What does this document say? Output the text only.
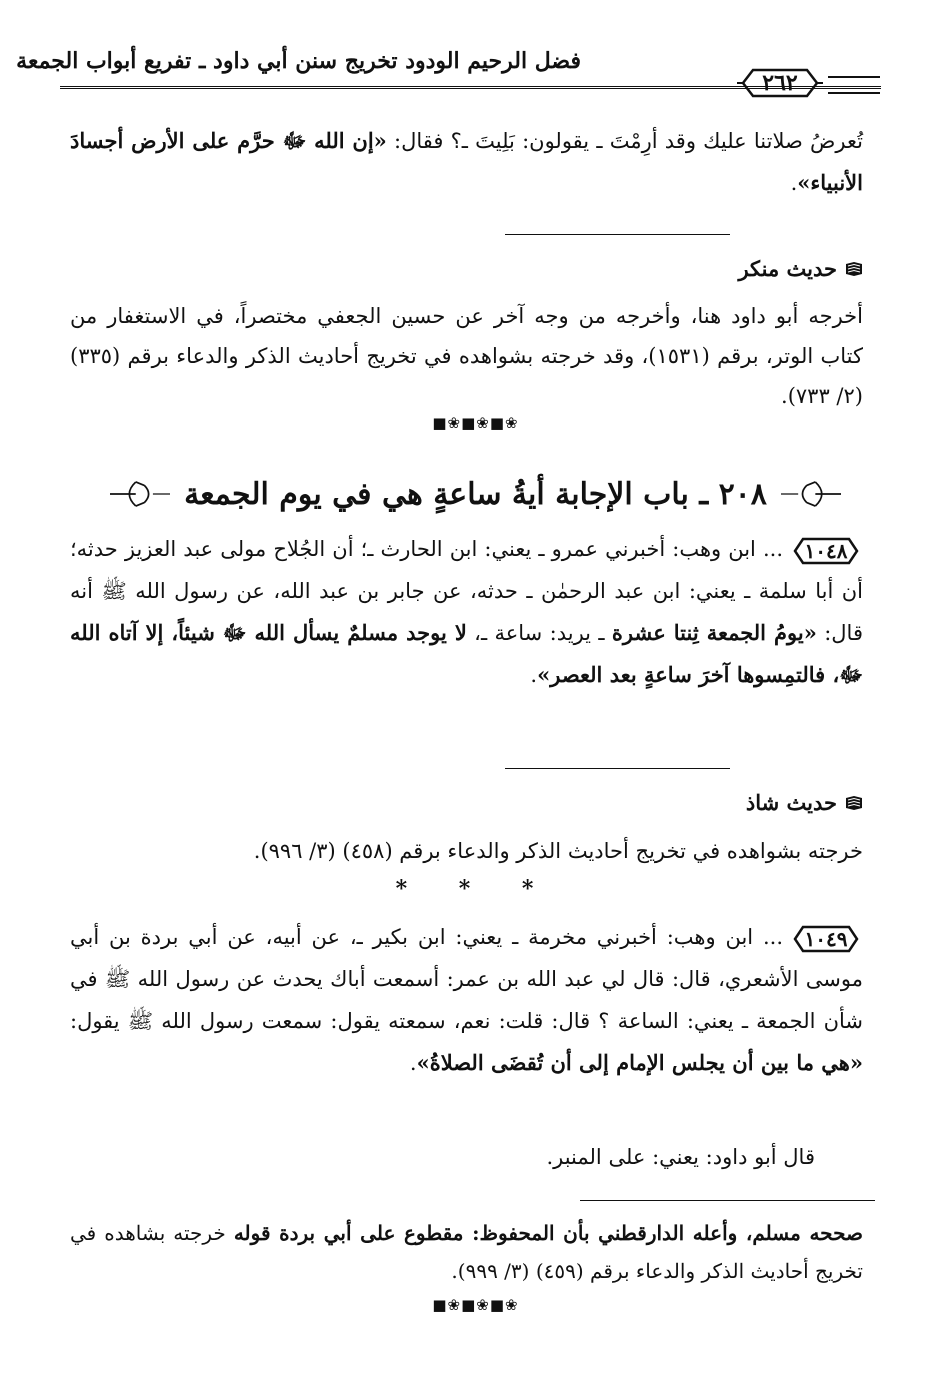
فضل الرحيم الودود تخريج سنن أبي داود ـ تفريع أبواب الجمعة
٢٦٢
تُعرضُ صلاتنا عليك وقد أرِمْتَ ـ يقولون: بَلِيتَ ـ؟ فقال: «إن الله ﷻ حرَّم على الأرض أجسادَ الأنبياء».
حديث منكر
أخرجه أبو داود هنا، وأخرجه من وجه آخر عن حسين الجعفي مختصراً، في الاستغفار من كتاب الوتر، برقم (١٥٣١)، وقد خرجته بشواهده في تخريج أحاديث الذكر والدعاء برقم (٣٣٥) (٢/ ٧٣٣).
❀■❀■❀■
٢٠٨ ـ باب الإجابة أيةُ ساعةٍ هي في يوم الجمعة
١٠٤٨
... ابن وهب: أخبرني عمرو ـ يعني: ابن الحارث ـ؛ أن الجُلاح مولى عبد العزيز حدثه؛ أن أبا سلمة ـ يعني: ابن عبد الرحمٰن ـ حدثه، عن جابر بن عبد الله، عن رسول الله ﷺ أنه قال: «يومُ الجمعة ثِنتا عشرة ـ يريد: ساعة ـ، لا يوجد مسلمٌ يسأل الله ﷻ شيئاً، إلا آتاه الله ﷻ، فالتمِسوها آخرَ ساعةٍ بعد العصر».
حديث شاذ
خرجته بشواهده في تخريج أحاديث الذكر والدعاء برقم (٤٥٨) (٣/ ٩٩٦).
* * *
١٠٤٩
... ابن وهب: أخبرني مخرمة ـ يعني: ابن بكير ـ، عن أبيه، عن أبي بردة بن أبي موسى الأشعري، قال: قال لي عبد الله بن عمر: أسمعت أباك يحدث عن رسول الله ﷺ في شأن الجمعة ـ يعني: الساعة ؟ قال: قلت: نعم، سمعته يقول: سمعت رسول الله ﷺ يقول: «هي ما بين أن يجلس الإمام إلى أن تُقضَى الصلاةُ».
قال أبو داود: يعني: على المنبر.
صححه مسلم، وأعله الدارقطني بأن المحفوظ: مقطوع على أبي بردة قوله خرجته بشاهده في تخريج أحاديث الذكر والدعاء برقم (٤٥٩) (٣/ ٩٩٩).
❀■❀■❀■
